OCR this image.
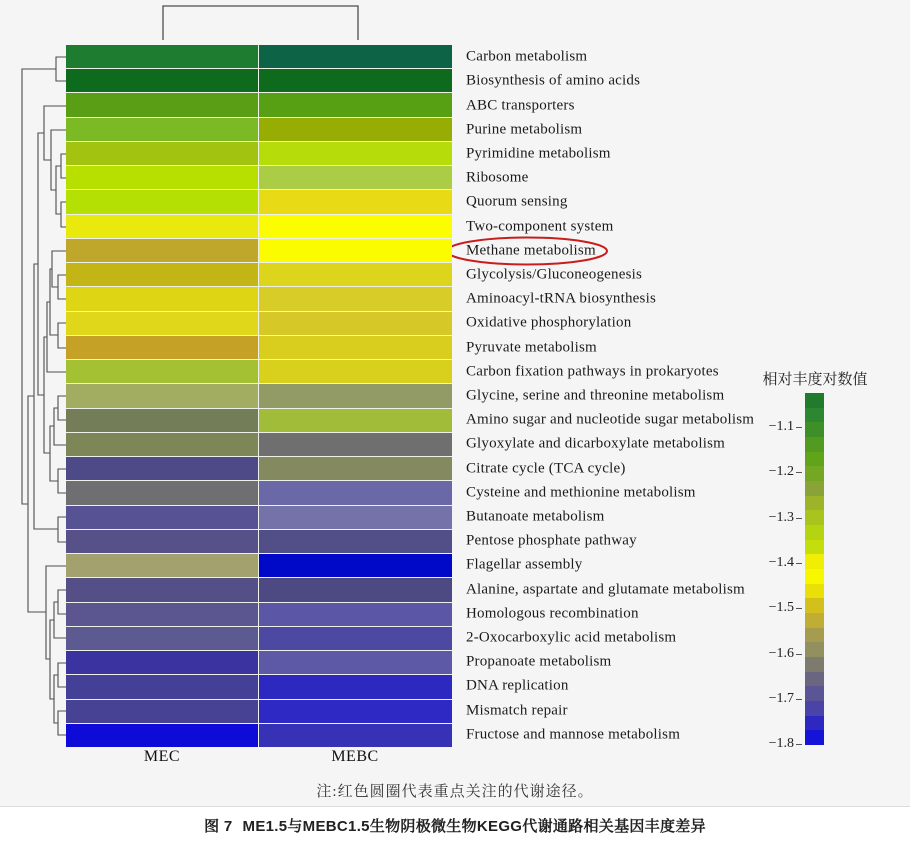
Carbon metabolism
Biosynthesis of amino acids
ABC transporters
Purine metabolism
Pyrimidine metabolism
Ribosome
Quorum sensing
Two-component system
Methane metabolism
Glycolysis/Gluconeogenesis
Aminoacyl-tRNA biosynthesis
Oxidative phosphorylation
Pyruvate metabolism
Carbon fixation pathways in prokaryotes
Glycine, serine and threonine metabolism
Amino sugar and nucleotide sugar metabolism
Glyoxylate and dicarboxylate metabolism
Citrate cycle (TCA cycle)
Cysteine and methionine metabolism
Butanoate metabolism
Pentose phosphate pathway
Flagellar assembly
Alanine, aspartate and glutamate metabolism
Homologous recombination
2-Oxocarboxylic acid metabolism
Propanoate metabolism
DNA replication
Mismatch repair
Fructose and mannose metabolism
MEC	MEBC
相对丰度对数值
−1.1
−1.2
−1.3
−1.4
−1.5
−1.6
−1.7
−1.8
注:红色圆圈代表重点关注的代谢途径。
图 7 ME1.5与MEBC1.5生物阴极微生物KEGG代谢通路相关基因丰度差异
